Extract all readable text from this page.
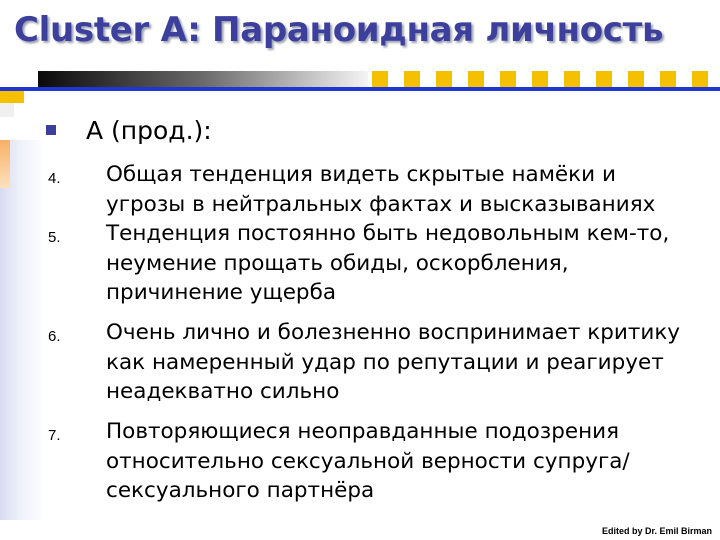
Cluster A: Параноидная личность
А (прод.):
4. Общая тенденция видеть скрытые намёки и
угрозы в нейтральных фактах и высказываниях
5. Тенденция постоянно быть недовольным кем-то,
неумение прощать обиды, оскорбления,
причинение ущерба
6. Очень лично и болезненно воспринимает критику
как намеренный удар по репутации и реагирует
неадекватно сильно
7. Повторяющиеся неоправданные подозрения
относительно сексуальной верности супруга/
сексуального партнёра
Edited by Dr. Emil Birman
